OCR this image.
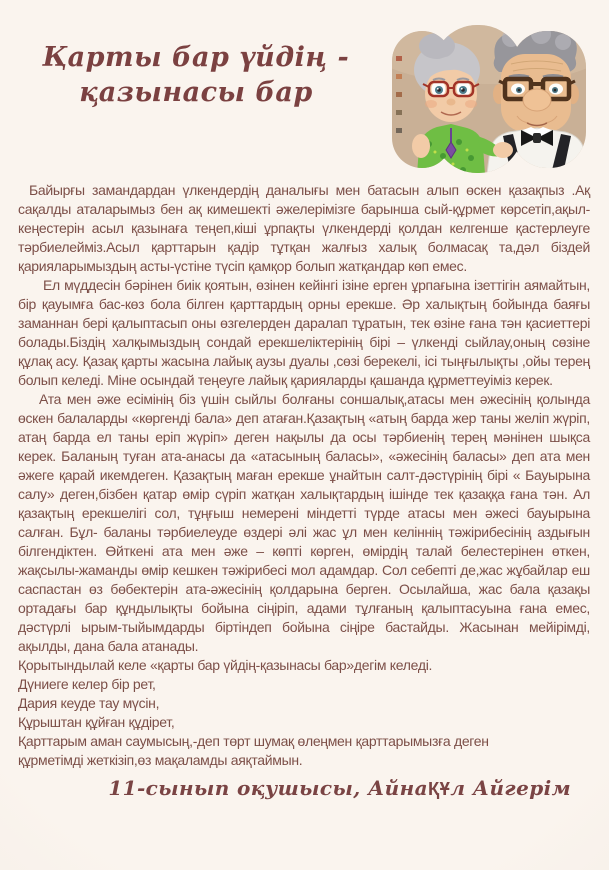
Қарты бар үйдің -
қазынасы бар

Байырғы замандардан үлкендердің даналығы мен батасын алып өскен қазақпыз .Ақ сақалды аталарымыз бен ақ кимешекті әжелерімізге барынша сый-құрмет көрсетіп,ақыл-кеңестерін асыл қазынаға теңеп,кіші ұрпақты үлкендерді қолдан келгенше қастерлеуге тәрбиелейміз.Асыл қарттарын қадір тұтқан жалғыз халық болмасақ та,дәл біздей қарияларымыздың асты-үстіне түсіп қамқор болып жатқандар көп емес.

Ел мүддесін бәрінен биік қоятын, өзінен кейінгі ізіне ерген ұрпағына ізеттігін аямайтын, бір қауымға бас-көз бола білген қарттардың орны ерекше. Әр халықтың бойында баяғы заманнан бері қалыптасып оны өзгелерден даралап тұратын, тек өзіне ғана тән қасиеттері болады.Біздің халқымыздың сондай ерекшеліктерінің бірі – үлкенді сыйлау,оның сөзіне құлақ асу. Қазақ қарты жасына лайық аузы дуалы ,сөзі берекелі, ісі тыңғылықты ,ойы терең болып келеді. Міне осындай теңеуге лайық қарияларды қашанда құрметтеуіміз керек.

Ата мен әже есімінің біз үшін сыйлы болғаны соншалық,атасы мен әжесінің қолында өскен балаларды «көргенді бала» деп атаған.Қазақтың «атың барда жер таны желіп жүріп, атаң барда ел таны еріп жүріп» деген нақылы да осы тәрбиенің терең мәнінен шықса керек. Баланың туған ата-анасы да «атасының баласы», «әжесінің баласы» деп ата мен әжеге қарай икемдеген. Қазақтың маған ерекше ұнайтын салт-дәстүрінің бірі « Бауырына салу» деген,бізбен қатар өмір сүріп жатқан халықтардың ішінде тек қазаққа ғана тән. Ал қазақтың ерекшелігі сол, тұңғыш немерені міндетті түрде атасы мен әжесі бауырына салған. Бұл- баланы тәрбиелеуде өздері әлі жас ұл мен келіннің тәжірибесінің аздығын білгендіктен. Өйткені ата мен әже – көпті көрген, өмірдің талай белестерінен өткен, жақсылы-жаманды өмір кешкен тәжірибесі мол адамдар. Сол себепті де,жас жұбайлар еш саспастан өз бөбектерін ата-әжесінің қолдарына берген. Осылайша, жас бала қазақы ортадағы бар құндылықты бойына сіңіріп, адами тұлғаның қалыптасуына ғана емес, дәстүрлі ырым-тыйымдарды біртіндеп бойына сіңіре бастайды. Жасынан мейірімді, ақылды, дана бала атанады.

Қорытындылай келе «қарты бар үйдің-қазынасы бар»дегім келеді.
Дүниеге келер бір рет,
Дария кеуде тау мүсін,
Құрыштан құйған құдірет,
Қарттарым аман саумысың,-деп төрт шумақ өлеңмен қарттарымызға деген
құрметімді жеткізіп,өз мақаламды аяқтаймын.
11-сынып оқушысы, АйнаҚҰл Айгерім
